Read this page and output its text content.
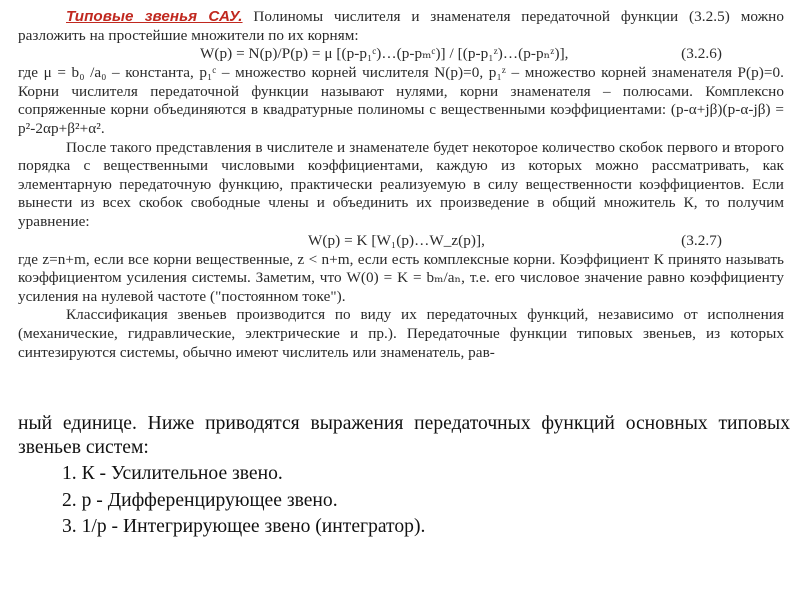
Типовые звенья САУ. Полиномы числителя и знаменателя передаточной функции (3.2.5) можно разложить на простейшие множители по их корням:

W(p) = N(p)/P(p) = μ [(p-p₁ᶜ)…(p-pₘᶜ)] / [(p-p₁ᶻ)…(p-pₙᶻ)],	(3.2.6)

где μ = b₀ /a₀ – константа, p₁ᶜ – множество корней числителя N(p)=0, p₁ᶻ – множество корней знаменателя P(p)=0. Корни числителя передаточной функции называют нулями, корни знаменателя – полюсами. Комплексно сопряженные корни объединяются в квадратурные полиномы с вещественными коэффициентами: (p-α+jβ)(p-α-jβ) = p²-2αp+β²+α².

После такого представления в числителе и знаменателе будет некоторое количество скобок первого и второго порядка с вещественными числовыми коэффициентами, каждую из которых можно рассматривать, как элементарную передаточную функцию, практически реализуемую в силу вещественности коэффициентов. Если вынести из всех скобок свободные члены и объединить их произведение в общий множитель К, то получим уравнение:

W(p) = K [W₁(p)…W_z(p)],	(3.2.7)

где z=n+m, если все корни вещественные, z < n+m, если есть комплексные корни. Коэффициент К принято называть коэффициентом усиления системы. Заметим, что W(0) = K = bₘ/aₙ, т.е. его числовое значение равно коэффициенту усиления на нулевой частоте ("постоянном токе").

Классификация звеньев производится по виду их передаточных функций, независимо от исполнения (механические, гидравлические, электрические и пр.). Передаточные функции типовых звеньев, из которых синтезируются системы, обычно имеют числитель или знаменатель, рав-

ный единице. Ниже приводятся выражения передаточных функций основных типовых звеньев систем:

1. К - Усилительное звено.
2. p - Дифференцирующее звено.
3. 1/p - Интегрирующее звено (интегратор).
